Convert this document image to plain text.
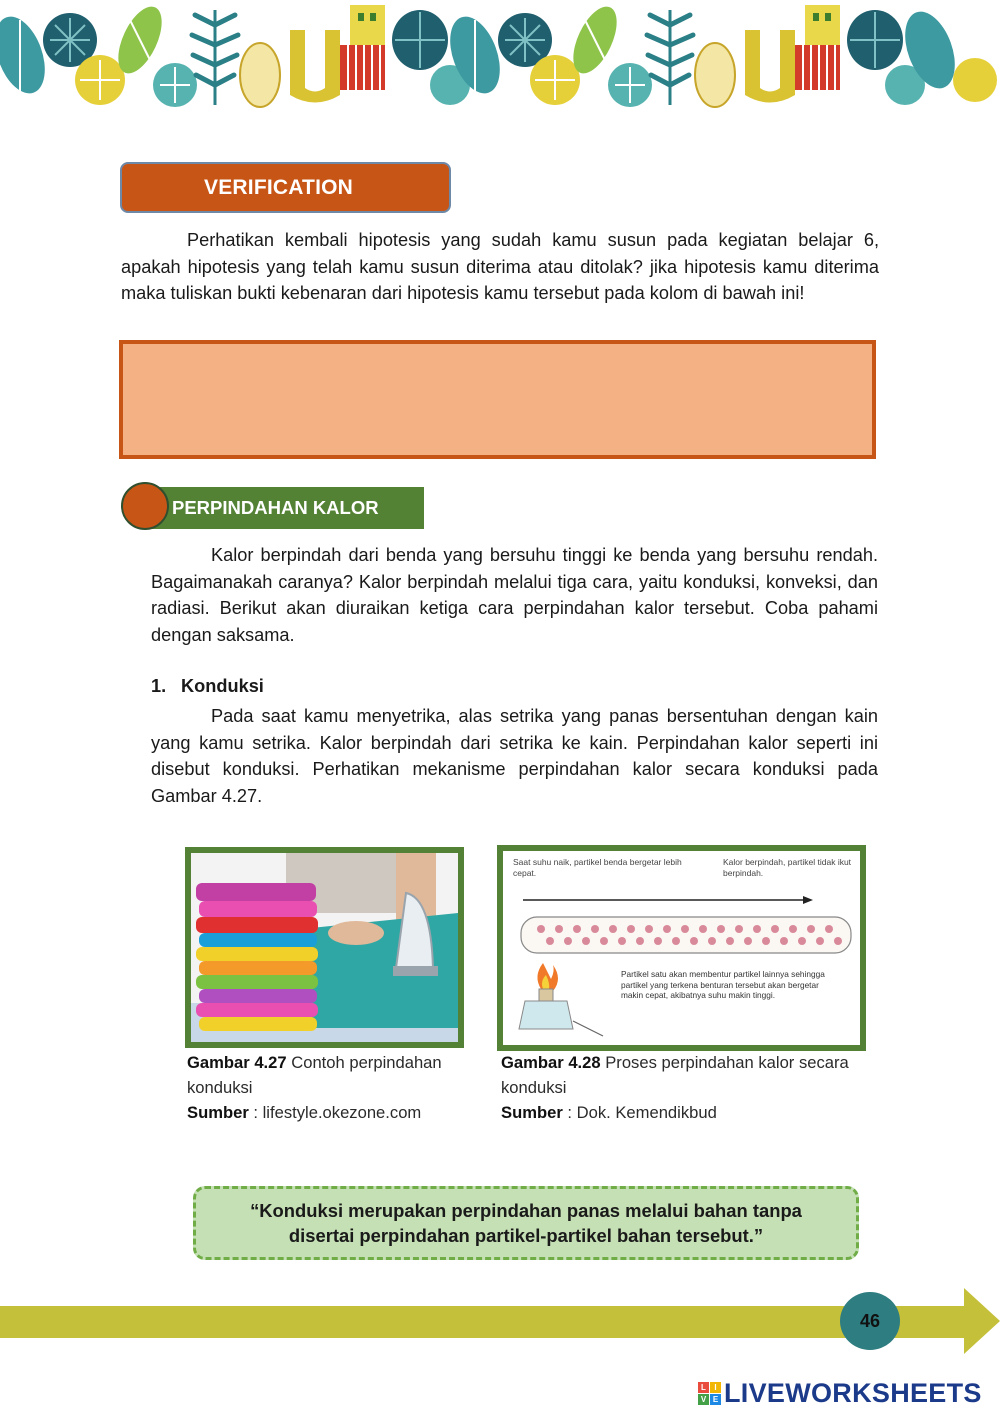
VERIFICATION

Perhatikan kembali hipotesis yang sudah kamu susun pada kegiatan belajar 6, apakah hipotesis yang telah kamu susun diterima atau ditolak? jika hipotesis kamu diterima maka tuliskan bukti kebenaran dari hipotesis kamu tersebut pada kolom di bawah ini!

PERPINDAHAN KALOR

Kalor berpindah dari benda yang bersuhu tinggi ke benda yang bersuhu rendah. Bagaimanakah caranya? Kalor berpindah melalui tiga cara, yaitu konduksi, konveksi, dan radiasi. Berikut akan diuraikan ketiga cara perpindahan kalor tersebut. Coba pahami dengan saksama.

1. Konduksi

Pada saat kamu menyetrika, alas setrika yang panas bersentuhan dengan kain yang kamu setrika. Kalor berpindah dari setrika ke kain. Perpindahan kalor seperti ini disebut konduksi. Perhatikan mekanisme perpindahan kalor secara konduksi pada Gambar 4.27.

Saat suhu naik, partikel benda bergetar lebih cepat.
Kalor berpindah, partikel tidak ikut berpindah.
Partikel satu akan membentur partikel lainnya sehingga partikel yang terkena benturan tersebut akan bergetar makin cepat, akibatnya suhu makin tinggi.
Gambar 4.27 Contoh perpindahan konduksi
Sumber : lifestyle.okezone.com
Gambar 4.28 Proses perpindahan kalor secara konduksi
Sumber : Dok. Kemendikbud
“Konduksi merupakan perpindahan panas melalui bahan tanpa disertai perpindahan partikel-partikel bahan tersebut.”
46
L	I
V E LIVEWORKSHEETS
